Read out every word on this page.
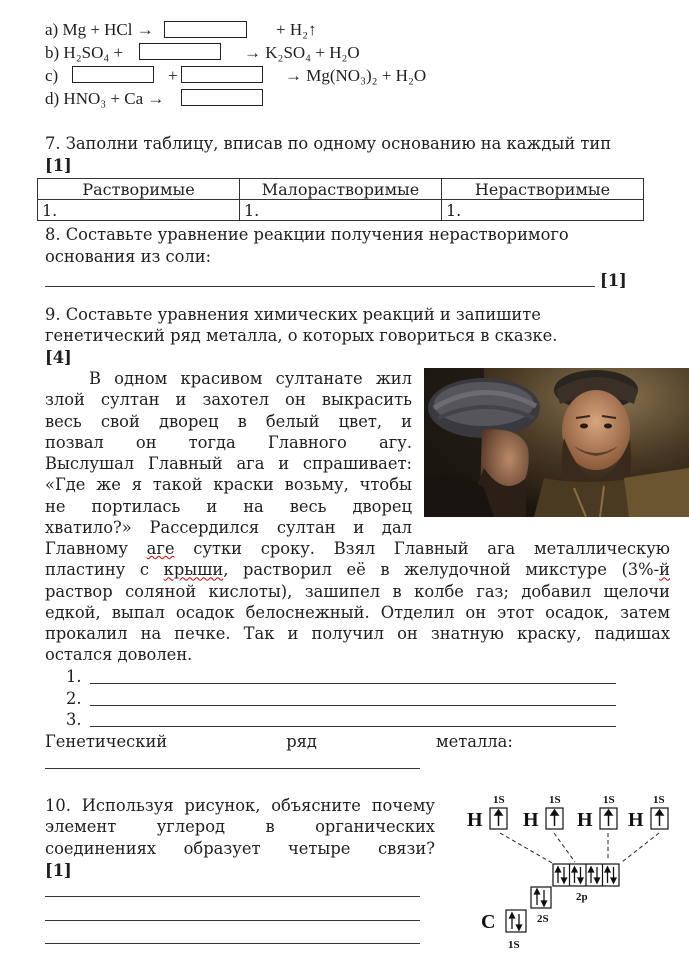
a) Mg + HCl →	+ H₂↑
b) H₂SO₄ +	→ K₂SO₄ + H₂O
c)	+	→ Mg(NO₃)₂ + H₂O
d) HNO₃ + Ca →
7. Заполни таблицу, вписав по одному основанию на каждый тип
[1]
Растворимые	Малорастворимые	Нерастворимые
1.	1.	1.
8. Составьте уравнение реакции получения нерастворимого
основания из соли:
[1]
9. Составьте уравнения химических реакций и запишите
генетический ряд металла, о которых говориться в сказке.
[4]
В одном красивом султанате жил
злой султан и захотел он выкрасить
весь свой дворец в белый цвет, и
позвал он тогда Главного агу.
Выслушал Главный ага и спрашивает:
«Где же я такой краски возьму, чтобы
не портилась и на весь дворец
хватило?» Рассердился султан и дал
Главному аге сутки сроку. Взял Главный ага металлическую
пластину с крыши, растворил её в желудочной микстуре (3%-й
раствор соляной кислоты), зашипел в колбе газ; добавил щелочи
едкой, выпал осадок белоснежный. Отделил он этот осадок, затем
прокалил на печке. Так и получил он знатную краску, падишах
остался доволен.
1.
2.
3.
Генетический                       ряд                       металла:
10. Используя рисунок, объясните почему
элемент углерод в органических
соединениях образует четыре связи?
[1]
1S	1S	1S	1S
H H H H
2p
2S
C
1S
